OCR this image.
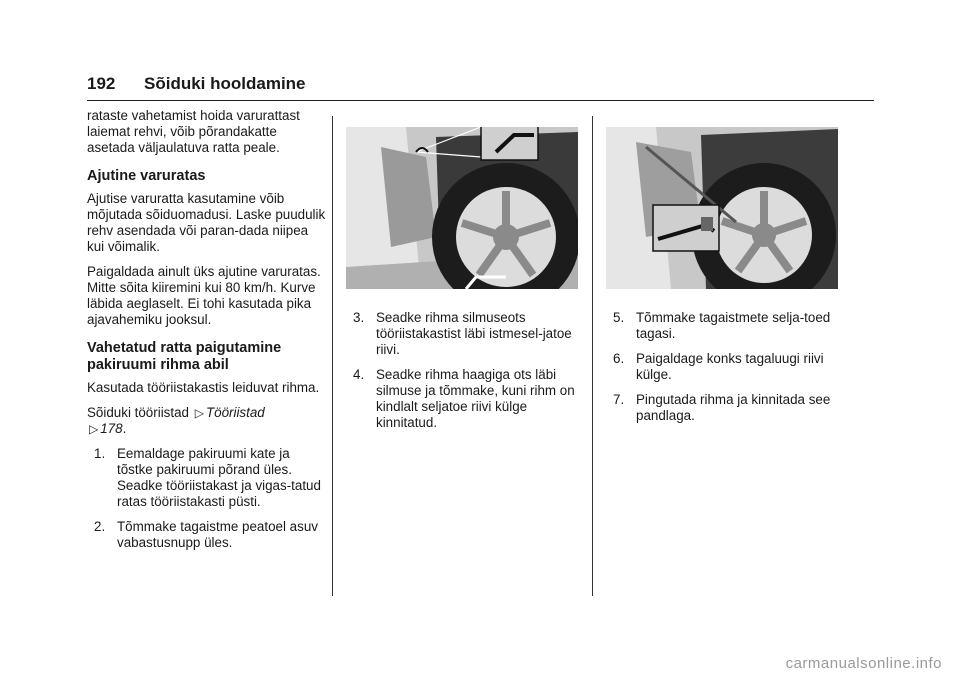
192 Sõiduki hooldamine

rataste vahetamist hoida varurattast laiemat rehvi, võib põrandakatte asetada väljaulatuva ratta peale.

Ajutine varuratas

Ajutise varuratta kasutamine võib mõjutada sõiduomadusi. Laske puudulik rehv asendada või paran-dada niipea kui võimalik.

Paigaldada ainult üks ajutine varuratas. Mitte sõita kiiremini kui 80 km/h. Kurve läbida aeglaselt. Ei tohi kasutada pika ajavahemiku jooksul.

Vahetatud ratta paigutamine pakiruumi rihma abil

Kasutada tööriistakastis leiduvat rihma.

Sõiduki tööriistad ▷ Tööriistad
▷ 178.

1. Eemaldage pakiruumi kate ja tõstke pakiruumi põrand üles. Seadke tööriistakast ja vigas-tatud ratas tööriistakasti püsti.
2. Tõmmake tagaistme peatoel asuv vabastusnupp üles.
3. Seadke rihma silmuseots tööriistakastist läbi istmesel-jatoe riivi.
4. Seadke rihma haagiga ots läbi silmuse ja tõmmake, kuni rihm on kindlalt seljatoe riivi külge kinnitatud.
5. Tõmmake tagaistmete selja-toed tagasi.
6. Paigaldage konks tagaluugi riivi külge.
7. Pingutada rihma ja kinnitada see pandlaga.
carmanualsonline.info
